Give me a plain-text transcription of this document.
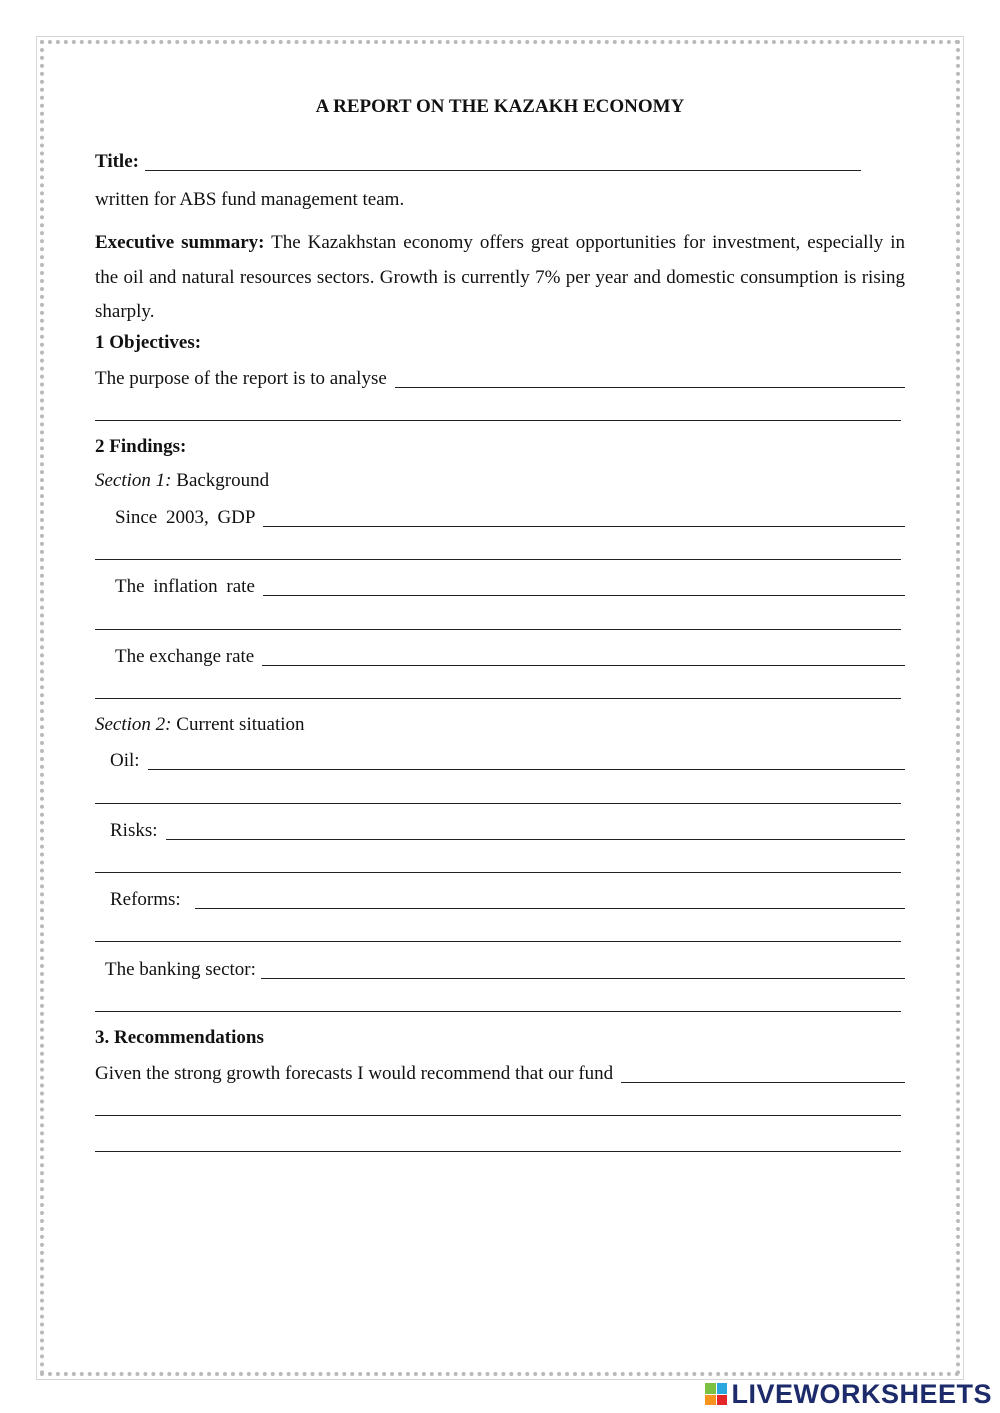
A REPORT ON THE KAZAKH ECONOMY
Title:
written for ABS fund management team.
Executive summary: The Kazakhstan economy offers great opportunities for investment, especially in the oil and natural resources sectors. Growth is currently 7% per year and domestic consumption is rising sharply.
1 Objectives:
The purpose of the report is to analyse
2 Findings:
Section 1: Background
Since 2003, GDP
The inflation rate
The exchange rate
Section 2: Current situation
Oil:
Risks:
Reforms:
The banking sector:
3. Recommendations
Given the strong growth forecasts I would recommend that our fund
LIVEWORKSHEETS
